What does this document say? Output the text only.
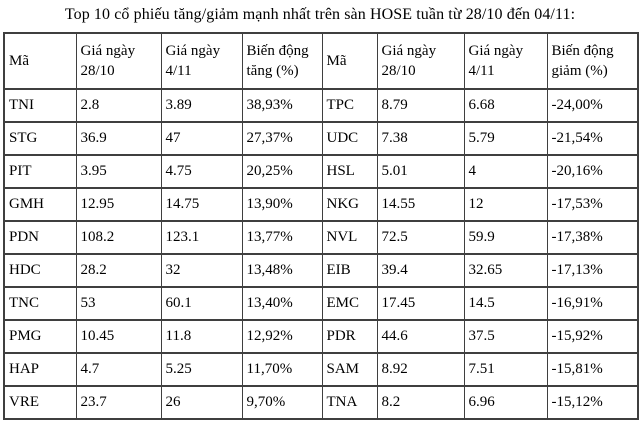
Top 10 cổ phiếu tăng/giảm mạnh nhất trên sàn HOSE tuần từ 28/10 đến 04/11:

Mã	Giá ngày 28/10	Giá ngày 4/11	Biến động tăng (%)	Mã	Giá ngày 28/10	Giá ngày 4/11	Biến động giảm (%)
TNI	2.8	3.89	38,93%	TPC	8.79	6.68	-24,00%
STG	36.9	47	27,37%	UDC	7.38	5.79	-21,54%
PIT	3.95	4.75	20,25%	HSL	5.01	4	-20,16%
GMH	12.95	14.75	13,90%	NKG	14.55	12	-17,53%
PDN	108.2	123.1	13,77%	NVL	72.5	59.9	-17,38%
HDC	28.2	32	13,48%	EIB	39.4	32.65	-17,13%
TNC	53	60.1	13,40%	EMC	17.45	14.5	-16,91%
PMG	10.45	11.8	12,92%	PDR	44.6	37.5	-15,92%
HAP	4.7	5.25	11,70%	SAM	8.92	7.51	-15,81%
VRE	23.7	26	9,70%	TNA	8.2	6.96	-15,12%
